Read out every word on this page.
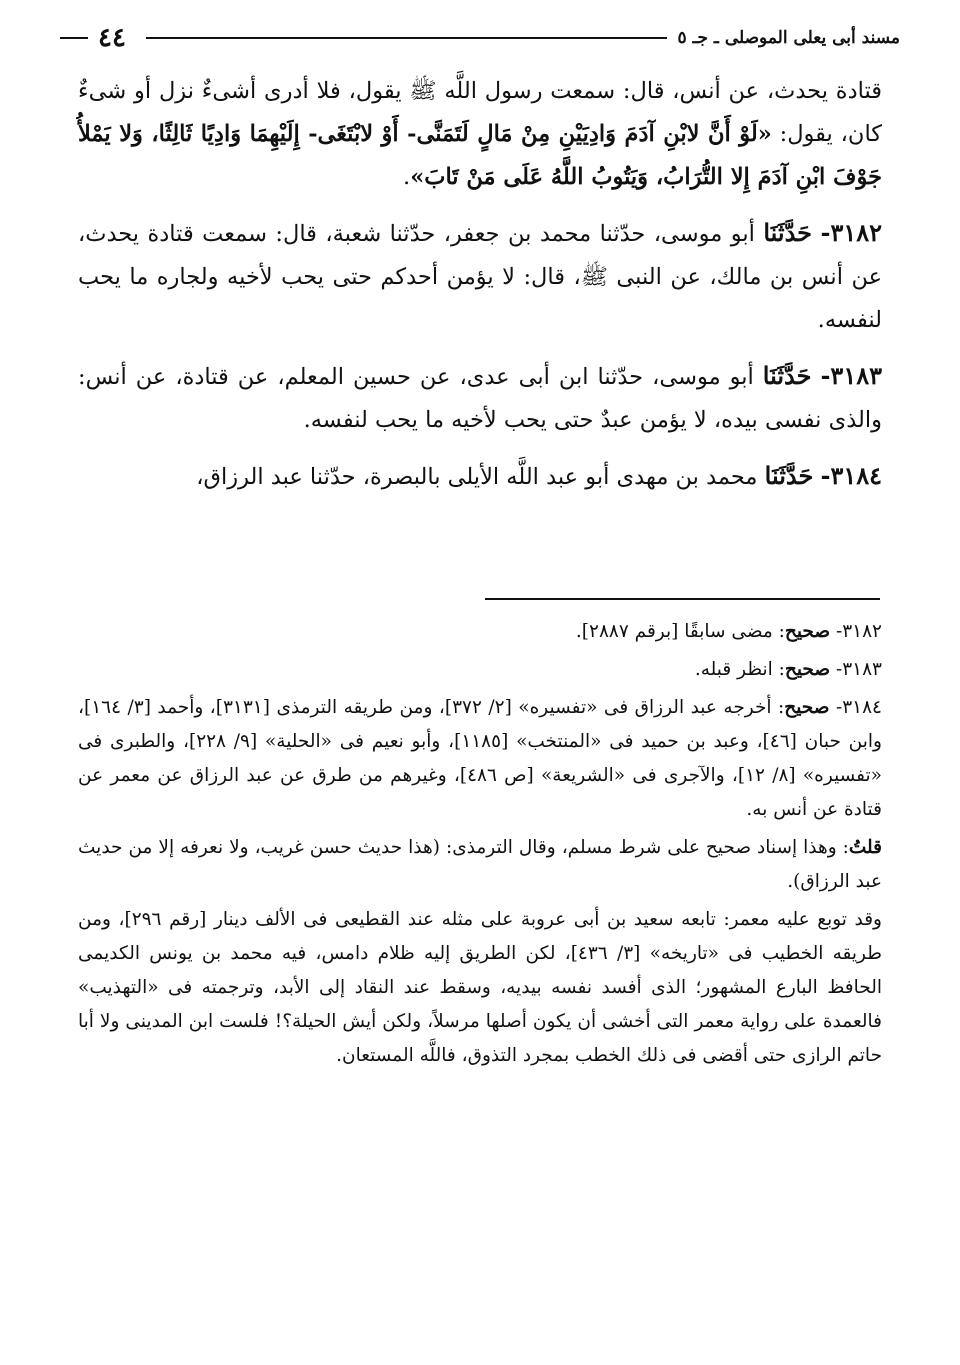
٤٤	مسند أبى يعلى الموصلى ـ جـ ٥

قتادة يحدث، عن أنس، قال: سمعت رسول اللَّه ﷺ يقول، فلا أدرى أشىءٌ نزل أو شىءٌ كان، يقول: «لَوْ أَنَّ لابْنِ آدَمَ وَادِيَيْنِ مِنْ مَالٍ لَتَمَنَّى- أَوْ لابْتَغَى- إِلَيْهِمَا وَادِيًا ثَالِثًا، وَلا يَمْلأُ جَوْفَ ابْنِ آدَمَ إِلا التُّرَابُ، وَيَتُوبُ اللَّهُ عَلَى مَنْ تَابَ».

٣١٨٢- حَدَّثَنَا أبو موسى، حدّثنا محمد بن جعفر، حدّثنا شعبة، قال: سمعت قتادة يحدث، عن أنس بن مالك، عن النبى ﷺ، قال: لا يؤمن أحدكم حتى يحب لأخيه ولجاره ما يحب لنفسه.

٣١٨٣- حَدَّثَنَا أبو موسى، حدّثنا ابن أبى عدى، عن حسين المعلم، عن قتادة، عن أنس: والذى نفسى بيده، لا يؤمن عبدٌ حتى يحب لأخيه ما يحب لنفسه.

٣١٨٤- حَدَّثَنَا محمد بن مهدى أبو عبد اللَّه الأيلى بالبصرة، حدّثنا عبد الرزاق،

٣١٨٢- صحيح: مضى سابقًا [برقم ٢٨٨٧].

٣١٨٣- صحيح: انظر قبله.

٣١٨٤- صحيح: أخرجه عبد الرزاق فى «تفسيره» [٢/ ٣٧٢]، ومن طريقه الترمذى [٣١٣١]، وأحمد [٣/ ١٦٤]، وابن حبان [٤٦]، وعبد بن حميد فى «المنتخب» [١١٨٥]، وأبو نعيم فى «الحلية» [٩/ ٢٢٨]، والطبرى فى «تفسيره» [٨/ ١٢]، والآجرى فى «الشريعة» [ص ٤٨٦]، وغيرهم من طرق عن عبد الرزاق عن معمر عن قتادة عن أنس به.

قلتُ: وهذا إسناد صحيح على شرط مسلم، وقال الترمذى: (هذا حديث حسن غريب، ولا نعرفه إلا من حديث عبد الرزاق).

وقد توبع عليه معمر: تابعه سعيد بن أبى عروبة على مثله عند القطيعى فى الألف دينار [رقم ٢٩٦]، ومن طريقه الخطيب فى «تاريخه» [٣/ ٤٣٦]، لكن الطريق إليه ظلام دامس، فيه محمد بن يونس الكديمى الحافظ البارع المشهور؛ الذى أفسد نفسه بيديه، وسقط عند النقاد إلى الأبد، وترجمته فى «التهذيب» فالعمدة على رواية معمر التى أخشى أن يكون أصلها مرسلاً، ولكن أيش الحيلة؟! فلست ابن المدينى ولا أبا حاتم الرازى حتى أقضى فى ذلك الخطب بمجرد التذوق، فاللَّه المستعان.
